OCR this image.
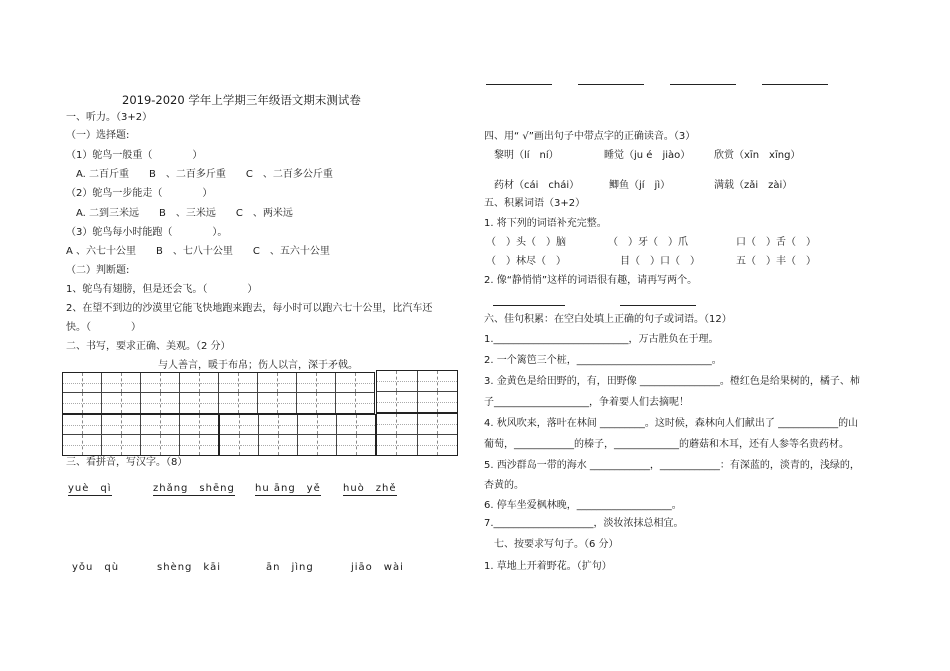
2019-2020 学年上学期三年级语文期末测试卷
一、听力。（3+2）
（一）选择题:
（1）鸵鸟一般重（　　　　）
A. 二百斤重　　B　、二百多斤重　　C　、二百多公斤重
（2）鸵鸟一步能走（　　　　）
A. 二到三米远　　B　、三米远　　C　、两米远
（3）鸵鸟每小时能跑（　　　　）。
A 、六七十公里　　B　、七八十公里　　C　、五六十公里
（二）判断题:
1、鸵鸟有翅膀，但是还会飞。（　　　　）
2、在望不到边的沙漠里它能飞快地跑来跑去，每小时可以跑六七十公里，比汽车还
快。（　　　　）
二、书写，要求正确、美观。（2 分）
与人善言，暖于布帛；伤人以言，深于矛戟。
三、看拼音，写汉字。（8）
yuè　qì	zhǎng　shēng hu āng　yě huò　zhě
yǒu　qù	shèng　kāi	ān　jìng	jiāo　wài
四、用“ √”画出句子中带点字的正确读音。（3）
黎明（lí　ní）	睡觉（ju é　jiào） 欣赏（xīn　xīng）
药材（cái　chái）	鲫鱼（jí　jì）	满载（zǎi　zài）
五、积累词语（3+2）
1. 将下列的词语补充完整。
（　）头（　）脑	（　）牙（　）爪	口（　）舌（　）
（　）林尽（　）	目（　）口（　）	五（　）丰（　）
2. 像“静悄悄”这样的词语很有趣，请再写两个。
六、佳句积累：在空白处填上正确的句子或词语。（12）
1.___________________________，万古胜负在于理。
2. 一个篱笆三个桩，___________________________。
3. 金黄色是给田野的，有，田野像 ________________。橙红色是给果树的，橘子、柿
子___________________，争着要人们去摘呢！
4. 秋风吹来，落叶在林间 _________。这时候，森林向人们献出了 ____________的山
葡萄，____________的榛子，_____________的蘑菇和木耳，还有人参等名贵药材。
5. 西沙群岛一带的海水 ____________，____________：有深蓝的，淡青的，浅绿的，
杏黄的。
6. 停车坐爱枫林晚，___________________。
7.____________________，淡妆浓抹总相宜。
七、按要求写句子。（6 分）
1. 草地上开着野花。（扩句）
